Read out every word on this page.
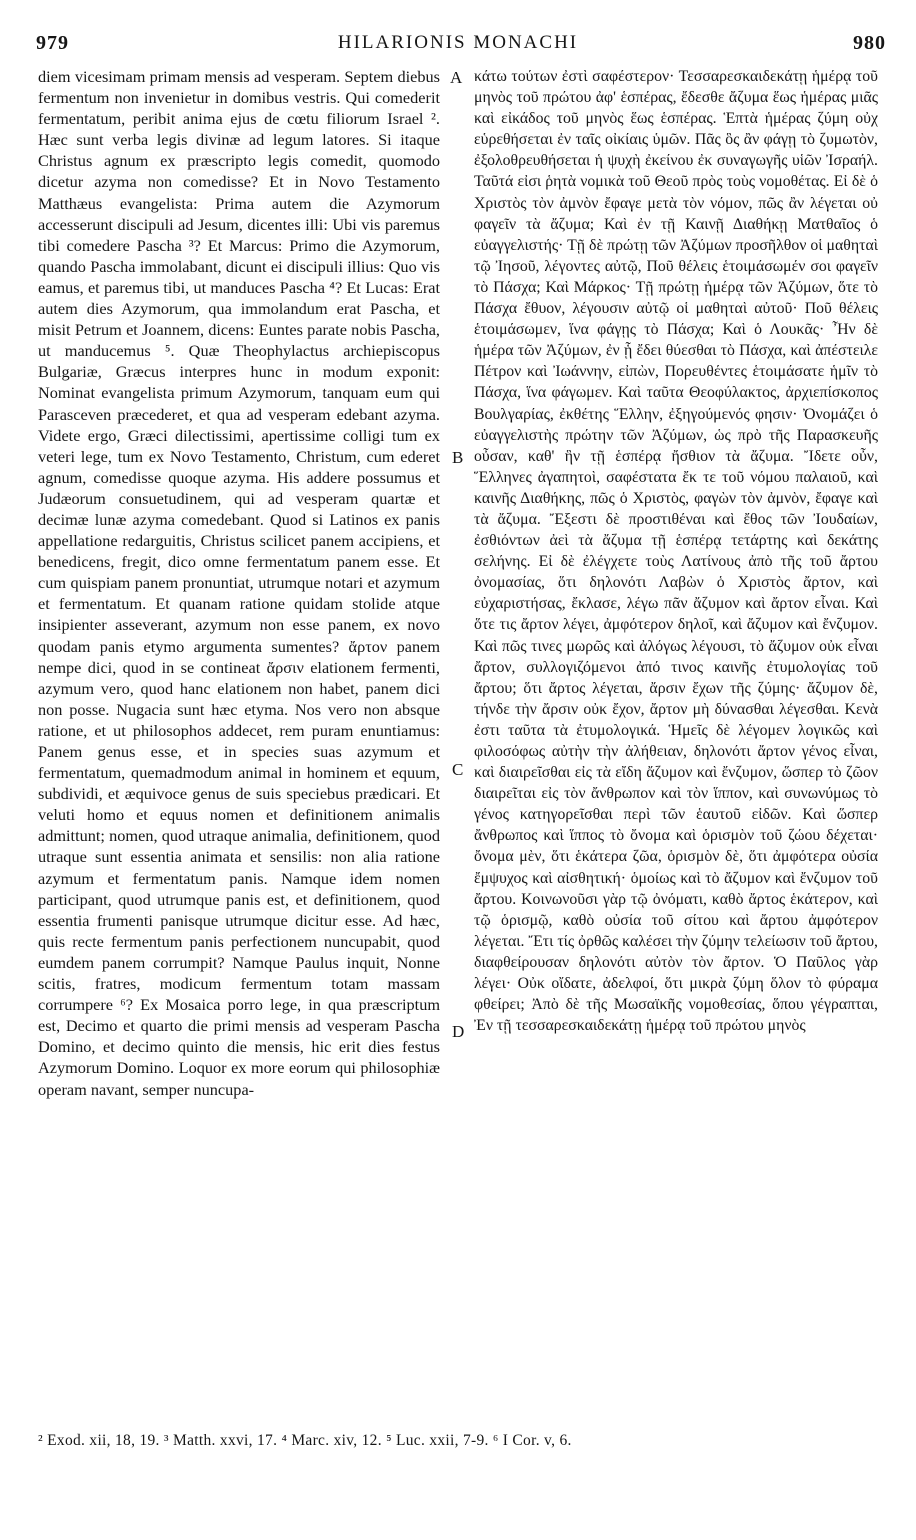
979	HILARIONIS MONACHI	980

diem vicesimam primam mensis ad vesperam. Septem diebus fermentum non invenietur in domibus vestris. Qui comederit fermentatum, peribit anima ejus de cœtu filiorum Israel ². Hæc sunt verba legis divinæ ad legum latores. Si itaque Christus agnum ex præscripto legis comedit, quomodo dicetur azyma non comedisse? Et in Novo Testamento Matthæus evangelista: Prima autem die Azymorum accesserunt discipuli ad Jesum, dicentes illi: Ubi vis paremus tibi comedere Pascha ³? Et Marcus: Primo die Azymorum, quando Pascha immolabant, dicunt ei discipuli illius: Quo vis eamus, et paremus tibi, ut manduces Pascha ⁴? Et Lucas: Erat autem dies Azymorum, qua immolandum erat Pascha, et misit Petrum et Joannem, dicens: Euntes parate nobis Pascha, ut manducemus ⁵. Quæ Theophylactus archiepiscopus Bulgariæ, Græcus interpres hunc in modum exponit: Nominat evangelista primum Azymorum, tanquam eum qui Parasceven præcederet, et qua ad vesperam edebant azyma. Videte ergo, Græci dilectissimi, apertissime colligi tum ex veteri lege, tum ex Novo Testamento, Christum, cum ederet agnum, comedisse quoque azyma. His addere possumus et Judæorum consuetudinem, qui ad vesperam quartæ et decimæ lunæ azyma comedebant. Quod si Latinos ex panis appellatione redarguitis, Christus scilicet panem accipiens, et benedicens, fregit, dico omne fermentatum panem esse. Et cum quispiam panem pronuntiat, utrumque notari et azymum et fermentatum. Et quanam ratione quidam stolide atque insipienter asseverant, azymum non esse panem, ex novo quodam panis etymo argumenta sumentes? ἄρτον panem nempe dici, quod in se contineat ἄρσιν elationem fermenti, azymum vero, quod hanc elationem non habet, panem dici non posse. Nugacia sunt hæc etyma. Nos vero non absque ratione, et ut philosophos addecet, rem puram enuntiamus: Panem genus esse, et in species suas azymum et fermentatum, quemadmodum animal in hominem et equum, subdividi, et æquivoce genus de suis speciebus prædicari. Et veluti homo et equus nomen et definitionem animalis admittunt; nomen, quod utraque animalia, definitionem, quod utraque sunt essentia animata et sensilis: non alia ratione azymum et fermentatum panis. Namque idem nomen participant, quod utrumque panis est, et definitionem, quod essentia frumenti panisque utrumque dicitur esse. Ad hæc, quis recte fermentum panis perfectionem nuncupabit, quod eumdem panem corrumpit? Namque Paulus inquit, Nonne scitis, fratres, modicum fermentum totam massam corrumpere ⁶? Ex Mosaica porro lege, in qua præscriptum est, Decimo et quarto die primi mensis ad vesperam Pascha Domino, et decimo quinto die mensis, hic erit dies festus Azymorum Domino. Loquor ex more eorum qui philosophiæ operam navant, semper nuncupa-

A
B
C
D

κάτω τούτων ἐστὶ σαφέστερον· Τεσσαρεσκαιδεκάτῃ ἡμέρᾳ τοῦ μηνὸς τοῦ πρώτου ἀφ' ἑσπέρας, ἔδεσθε ἄζυμα ἕως ἡμέρας μιᾶς καὶ εἰκάδος τοῦ μηνὸς ἕως ἑσπέρας. Ἑπτὰ ἡμέρας ζύμη οὐχ εὑρεθήσεται ἐν ταῖς οἰκίαις ὑμῶν. Πᾶς ὃς ἂν φάγῃ τὸ ζυμωτὸν, ἐξολοθρευθήσεται ἡ ψυχὴ ἐκείνου ἐκ συναγωγῆς υἱῶν Ἰσραήλ. Ταῦτά εἰσι ῥητὰ νομικὰ τοῦ Θεοῦ πρὸς τοὺς νομοθέτας. Εἰ δὲ ὁ Χριστὸς τὸν ἀμνὸν ἔφαγε μετὰ τὸν νόμον, πῶς ἂν λέγεται οὐ φαγεῖν τὰ ἄζυμα; Καὶ ἐν τῇ Καινῇ Διαθήκῃ Ματθαῖος ὁ εὐαγγελιστής· Τῇ δὲ πρώτῃ τῶν Ἀζύμων προσῆλθον οἱ μαθηταὶ τῷ Ἰησοῦ, λέγοντες αὐτῷ, Ποῦ θέλεις ἑτοιμάσωμέν σοι φαγεῖν τὸ Πάσχα; Καὶ Μάρκος· Τῇ πρώτῃ ἡμέρᾳ τῶν Ἀζύμων, ὅτε τὸ Πάσχα ἔθυον, λέγουσιν αὐτῷ οἱ μαθηταὶ αὐτοῦ· Ποῦ θέλεις ἑτοιμάσωμεν, ἵνα φάγῃς τὸ Πάσχα; Καὶ ὁ Λουκᾶς· Ἦν δὲ ἡμέρα τῶν Ἀζύμων, ἐν ᾗ ἔδει θύεσθαι τὸ Πάσχα, καὶ ἀπέστειλε Πέτρον καὶ Ἰωάννην, εἰπὼν, Πορευθέντες ἑτοιμάσατε ἡμῖν τὸ Πάσχα, ἵνα φάγωμεν. Καὶ ταῦτα Θεοφύλακτος, ἀρχιεπίσκοπος Βουλγαρίας, ἐκθέτης Ἕλλην, ἐξηγούμενός φησιν· Ὀνομάζει ὁ εὐαγγελιστὴς πρώτην τῶν Ἀζύμων, ὡς πρὸ τῆς Παρασκευῆς οὖσαν, καθ' ἣν τῇ ἑσπέρᾳ ἤσθιον τὰ ἄζυμα. Ἴδετε οὖν, Ἕλληνες ἀγαπητοὶ, σαφέστατα ἔκ τε τοῦ νόμου παλαιοῦ, καὶ καινῆς Διαθήκης, πῶς ὁ Χριστὸς, φαγὼν τὸν ἀμνὸν, ἔφαγε καὶ τὰ ἄζυμα. Ἔξεστι δὲ προστιθέναι καὶ ἔθος τῶν Ἰουδαίων, ἐσθιόντων ἀεὶ τὰ ἄζυμα τῇ ἑσπέρᾳ τετάρτης καὶ δεκάτης σελήνης. Εἰ δὲ ἐλέγχετε τοὺς Λατίνους ἀπὸ τῆς τοῦ ἄρτου ὀνομασίας, ὅτι δηλονότι Λαβὼν ὁ Χριστὸς ἄρτον, καὶ εὐχαριστήσας, ἔκλασε, λέγω πᾶν ἄζυμον καὶ ἄρτον εἶναι. Καὶ ὅτε τις ἄρτον λέγει, ἀμφότερον δηλοῖ, καὶ ἄζυμον καὶ ἔνζυμον. Καὶ πῶς τινες μωρῶς καὶ ἀλόγως λέγουσι, τὸ ἄζυμον οὐκ εἶναι ἄρτον, συλλογιζόμενοι ἀπό τινος καινῆς ἐτυμολογίας τοῦ ἄρτου; ὅτι ἄρτος λέγεται, ἄρσιν ἔχων τῆς ζύμης· ἄζυμον δὲ, τήνδε τὴν ἄρσιν οὐκ ἔχον, ἄρτον μὴ δύνασθαι λέγεσθαι. Κενὰ ἐστι ταῦτα τὰ ἐτυμολογικά. Ἡμεῖς δὲ λέγομεν λογικῶς καὶ φιλοσόφως αὐτὴν τὴν ἀλήθειαν, δηλονότι ἄρτον γένος εἶναι, καὶ διαιρεῖσθαι εἰς τὰ εἴδη ἄζυμον καὶ ἔνζυμον, ὥσπερ τὸ ζῶον διαιρεῖται εἰς τὸν ἄνθρωπον καὶ τὸν ἵππον, καὶ συνωνύμως τὸ γένος κατηγορεῖσθαι περὶ τῶν ἑαυτοῦ εἰδῶν. Καὶ ὥσπερ ἄνθρωπος καὶ ἵππος τὸ ὄνομα καὶ ὁρισμὸν τοῦ ζώου δέχεται· ὄνομα μὲν, ὅτι ἑκάτερα ζῶα, ὁρισμὸν δὲ, ὅτι ἀμφότερα οὐσία ἔμψυχος καὶ αἰσθητική· ὁμοίως καὶ τὸ ἄζυμον καὶ ἔνζυμον τοῦ ἄρτου. Κοινωνοῦσι γὰρ τῷ ὀνόματι, καθὸ ἄρτος ἑκάτερον, καὶ τῷ ὁρισμῷ, καθὸ οὐσία τοῦ σίτου καὶ ἄρτου ἀμφότερον λέγεται. Ἔτι τίς ὀρθῶς καλέσει τὴν ζύμην τελείωσιν τοῦ ἄρτου, διαφθείρουσαν δηλονότι αὐτὸν τὸν ἄρτον. Ὁ Παῦλος γὰρ λέγει· Οὐκ οἴδατε, ἀδελφοί, ὅτι μικρὰ ζύμη ὅλον τὸ φύραμα φθείρει; Ἀπὸ δὲ τῆς Μωσαϊκῆς νομοθεσίας, ὅπου γέγραπται, Ἐν τῇ τεσσαρεσκαιδεκάτῃ ἡμέρᾳ τοῦ πρώτου μηνὸς

² Exod. xii, 18, 19. ³ Matth. xxvi, 17. ⁴ Marc. xiv, 12. ⁵ Luc. xxii, 7-9. ⁶ I Cor. v, 6.
